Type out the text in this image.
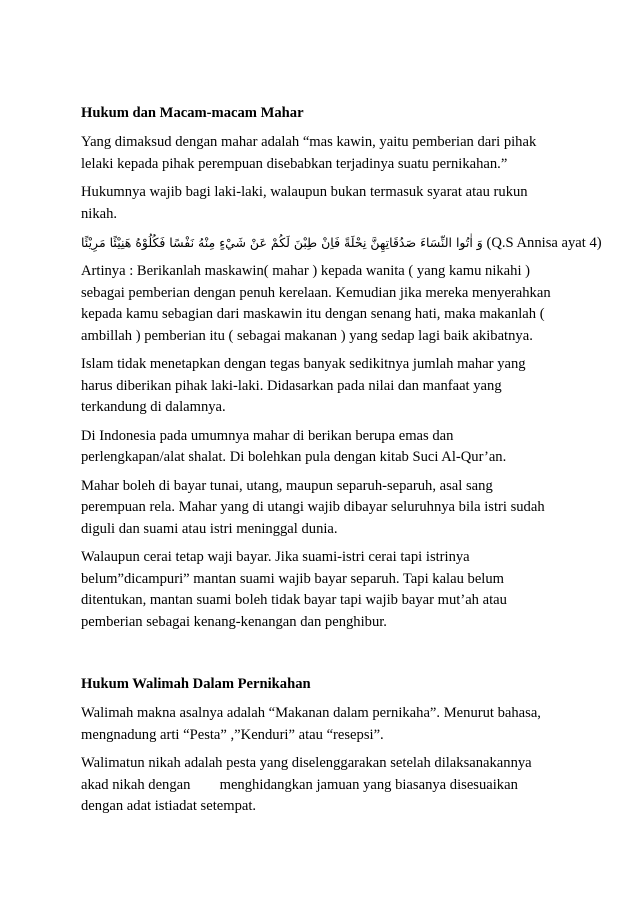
Hukum dan Macam-macam Mahar
Yang dimaksud dengan mahar adalah “mas kawin, yaitu pemberian dari pihak
lelaki kepada pihak perempuan disebabkan terjadinya suatu pernikahan.”
Hukumnya wajib bagi laki-laki, walaupun bukan termasuk syarat atau rukun
nikah.
وَ اٰتُوا النِّسَاءَ صَدُقَاتِهِنَّ نِحْلَةً فَاِنْ طِبْنَ لَكُمْ عَنْ شَيْءٍ مِنْهُ نَفْسًا فَكُلُوْهُ هَنِيْئًا مَرِيْئًا (Q.S Annisa ayat 4)
Artinya : Berikanlah maskawin( mahar ) kepada wanita ( yang kamu nikahi )
sebagai pemberian dengan penuh kerelaan. Kemudian jika mereka menyerahkan
kepada kamu sebagian dari maskawin itu dengan senang hati, maka makanlah (
ambillah ) pemberian itu ( sebagai makanan ) yang sedap lagi baik akibatnya.
Islam tidak menetapkan dengan tegas banyak sedikitnya jumlah mahar yang
harus diberikan pihak laki-laki. Didasarkan pada nilai dan manfaat yang
terkandung di dalamnya.
Di Indonesia pada umumnya mahar di berikan berupa emas dan
perlengkapan/alat shalat. Di bolehkan pula dengan kitab Suci Al-Qur’an.
Mahar boleh di bayar tunai, utang, maupun separuh-separuh, asal sang
perempuan rela. Mahar yang di utangi wajib dibayar seluruhnya bila istri sudah
diguli dan suami atau istri meninggal dunia.
Walaupun cerai tetap waji bayar. Jika suami-istri cerai tapi istrinya
belum”dicampuri” mantan suami wajib bayar separuh. Tapi kalau belum
ditentukan, mantan suami boleh tidak bayar tapi wajib bayar mut’ah atau
pemberian sebagai kenang-kenangan dan penghibur.
Hukum Walimah Dalam Pernikahan
Walimah makna asalnya adalah “Makanan dalam pernikaha”. Menurut bahasa,
mengnadung arti “Pesta” ,”Kenduri” atau “resepsi”.
Walimatun nikah adalah pesta yang diselenggarakan setelah dilaksanakannya
akad nikah dengan        menghidangkan jamuan yang biasanya disesuaikan
dengan adat istiadat setempat.
